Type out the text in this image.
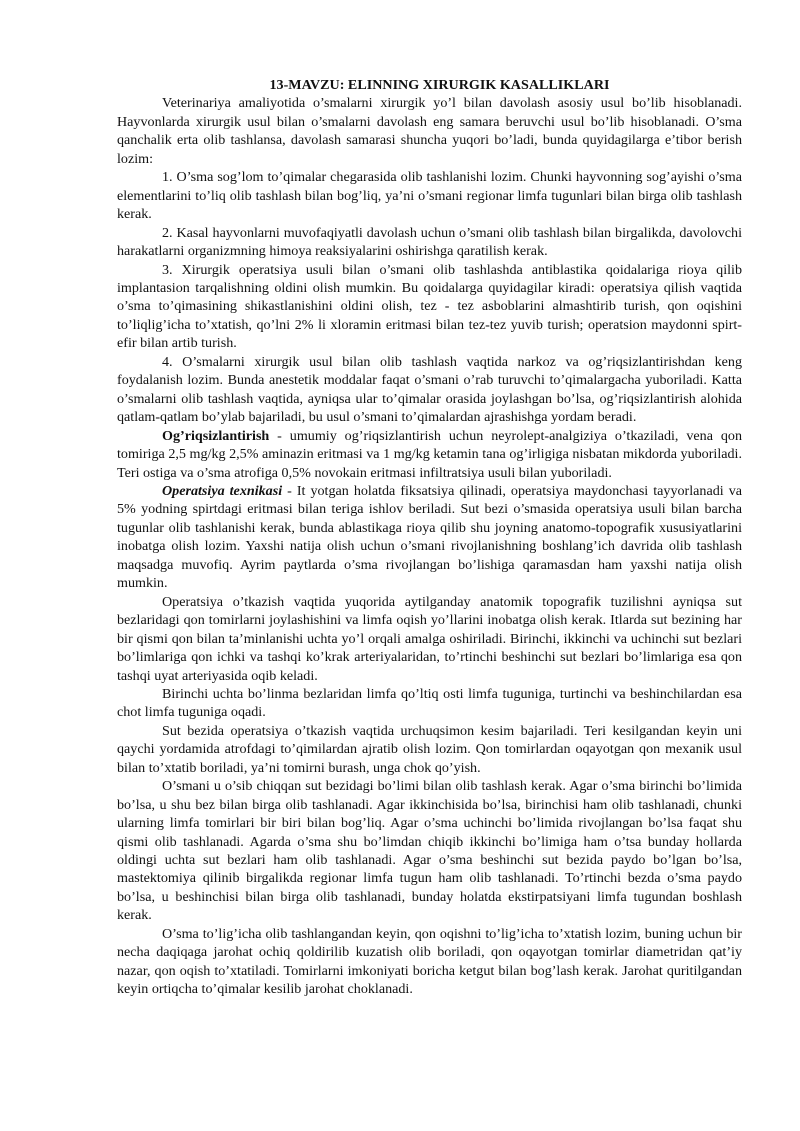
13-MAVZU: ELINNING XIRURGIK KASALLIKLARI

Veterinariya amaliyotida o’smalarni xirurgik yo’l bilan davolash asosiy usul bo’lib hisoblanadi. Hayvonlarda xirurgik usul bilan o’smalarni davolash eng samara beruvchi usul bo’lib hisoblanadi. O’sma qanchalik erta olib tashlansa, davolash samarasi shuncha yuqori bo’ladi, bunda quyidagilarga e’tibor berish lozim:

1. O’sma sog’lom to’qimalar chegarasida olib tashlanishi lozim. Chunki hayvonning sog’ayishi o’sma elementlarini to’liq olib tashlash bilan bog’liq, ya’ni o’smani regionar limfa tugunlari bilan birga olib tashlash kerak.

2. Kasal hayvonlarni muvofaqiyatli davolash uchun o’smani olib tashlash bilan birgalikda, davolovchi harakatlarni organizmning himoya reaksiyalarini oshirishga qaratilish kerak.

3. Xirurgik operatsiya usuli bilan o’smani olib tashlashda antiblastika qoidalariga rioya qilib implantasion tarqalishning oldini olish mumkin. Bu qoidalarga quyidagilar kiradi: operatsiya qilish vaqtida o’sma to’qimasining shikastlanishini oldini olish, tez - tez asboblarini almashtirib turish, qon oqishini to’liqlig’icha to’xtatish, qo’lni 2% li xloramin eritmasi bilan tez-tez yuvib turish; operatsion maydonni spirt-efir bilan artib turish.

4. O’smalarni xirurgik usul bilan olib tashlash vaqtida narkoz va og’riqsizlantirishdan keng foydalanish lozim. Bunda anestetik moddalar faqat o’smani o’rab turuvchi to’qimalargacha yuboriladi. Katta o’smalarni olib tashlash vaqtida, ayniqsa ular to’qimalar orasida joylashgan bo’lsa, og’riqsizlantirish alohida qatlam-qatlam bo’ylab bajariladi, bu usul o’smani to’qimalardan ajrashishga yordam beradi.

Og’riqsizlantirish - umumiy og’riqsizlantirish uchun neyrolept-analgiziya o’tkaziladi, vena qon tomiriga 2,5 mg/kg 2,5% aminazin eritmasi va 1 mg/kg ketamin tana og’irligiga nisbatan mikdorda yuboriladi. Teri ostiga va o’sma atrofiga 0,5% novokain eritmasi infiltratsiya usuli bilan yuboriladi.

Operatsiya texnikasi - It yotgan holatda fiksatsiya qilinadi, operatsiya maydonchasi tayyorlanadi va 5% yodning spirtdagi eritmasi bilan teriga ishlov beriladi. Sut bezi o’smasida operatsiya usuli bilan barcha tugunlar olib tashlanishi kerak, bunda ablastikaga rioya qilib shu joyning anatomo-topografik xususiyatlarini inobatga olish lozim. Yaxshi natija olish uchun o’smani rivojlanishning boshlang’ich davrida olib tashlash maqsadga muvofiq. Ayrim paytlarda o’sma rivojlangan bo’lishiga qaramasdan ham yaxshi natija olish mumkin.

Operatsiya o’tkazish vaqtida yuqorida aytilganday anatomik topografik tuzilishni ayniqsa sut bezlaridagi qon tomirlarni joylashishini va limfa oqish yo’llarini inobatga olish kerak. Itlarda sut bezining har bir qismi qon bilan ta’minlanishi uchta yo’l orqali amalga oshiriladi. Birinchi, ikkinchi va uchinchi sut bezlari bo’limlariga qon ichki va tashqi ko’krak arteriyalaridan, to’rtinchi beshinchi sut bezlari bo’limlariga esa qon tashqi uyat arteriyasida oqib keladi.

Birinchi uchta bo’linma bezlaridan limfa qo’ltiq osti limfa tuguniga, turtinchi va beshinchilardan esa chot limfa tuguniga oqadi.

Sut bezida operatsiya o’tkazish vaqtida urchuqsimon kesim bajariladi. Teri kesilgandan keyin uni qaychi yordamida atrofdagi to’qimilardan ajratib olish lozim. Qon tomirlardan oqayotgan qon mexanik usul bilan to’xtatib boriladi, ya’ni tomirni burash, unga chok qo’yish.

O’smani u o’sib chiqqan sut bezidagi bo’limi bilan olib tashlash kerak. Agar o’sma birinchi bo’limida bo’lsa, u shu bez bilan birga olib tashlanadi. Agar ikkinchisida bo’lsa, birinchisi ham olib tashlanadi, chunki ularning limfa tomirlari bir biri bilan bog’liq. Agar o’sma uchinchi bo’limida rivojlangan bo’lsa faqat shu qismi olib tashlanadi. Agarda o’sma shu bo’limdan chiqib ikkinchi bo’limiga ham o’tsa bunday hollarda oldingi uchta sut bezlari ham olib tashlanadi. Agar o’sma beshinchi sut bezida paydo bo’lgan bo’lsa, mastektomiya qilinib birgalikda regionar limfa tugun ham olib tashlanadi. To’rtinchi bezda o’sma paydo bo’lsa, u beshinchisi bilan birga olib tashlanadi, bunday holatda ekstirpatsiyani limfa tugundan boshlash kerak.

O’sma to’lig’icha olib tashlangandan keyin, qon oqishni to’lig’icha to’xtatish lozim, buning uchun bir necha daqiqaga jarohat ochiq qoldirilib kuzatish olib boriladi, qon oqayotgan tomirlar diametridan qat’iy nazar, qon oqish to’xtatiladi. Tomirlarni imkoniyati boricha ketgut bilan bog’lash kerak. Jarohat quritilgandan keyin ortiqcha to’qimalar kesilib jarohat choklanadi.
